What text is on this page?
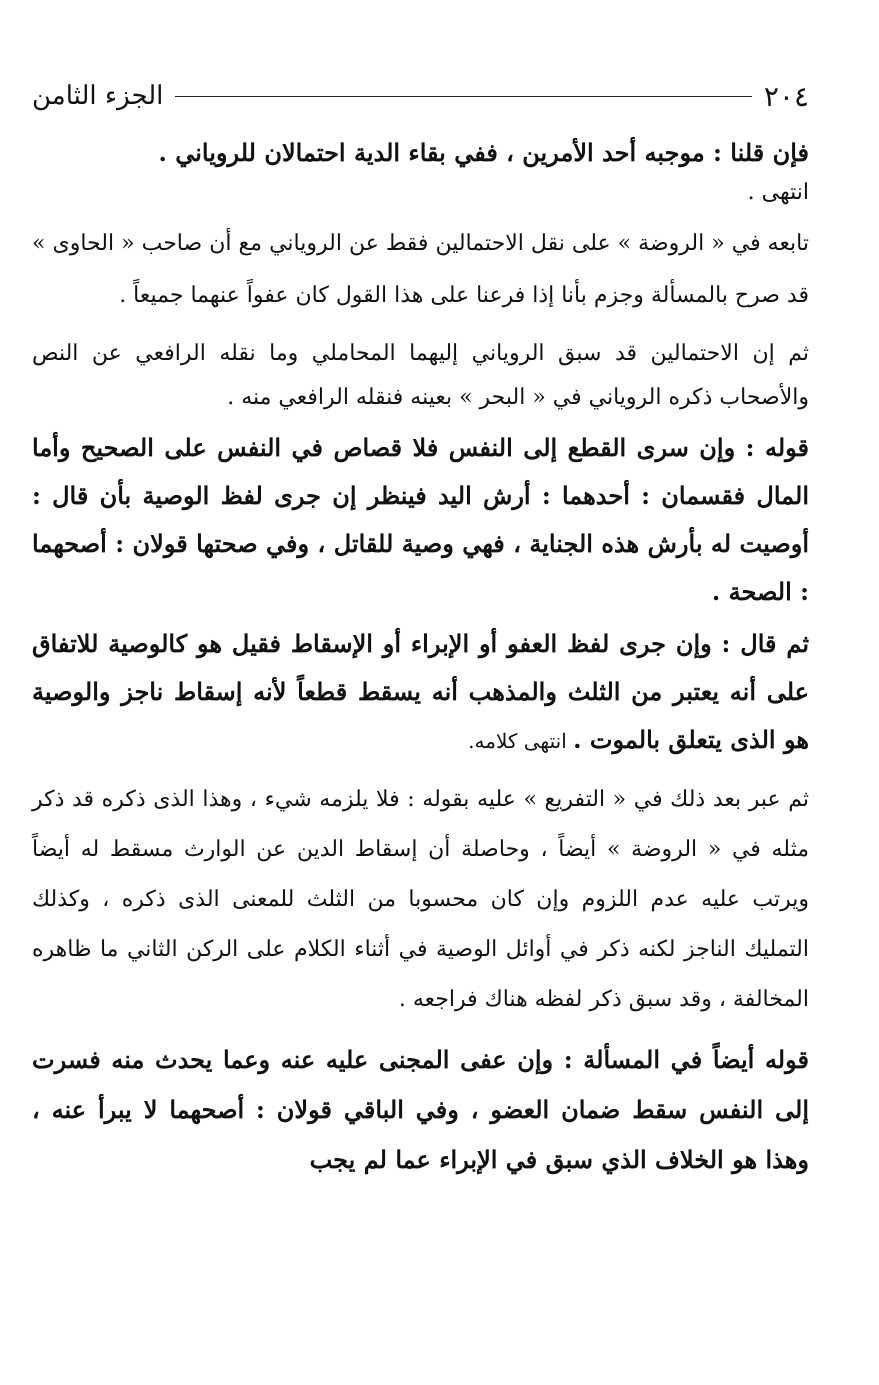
٢٠٤
الجزء الثامن

فإن قلنا : موجبه أحد الأمرين ، ففي بقاء الدية احتمالان للروياني .

انتهى .

تابعه في « الروضة » على نقل الاحتمالين فقط عن الروياني مع أن صاحب « الحاوى » قد صرح بالمسألة وجزم بأنا إذا فرعنا على هذا القول كان عفواً عنهما جميعاً .

ثم إن الاحتمالين قد سبق الروياني إليهما المحاملي وما نقله الرافعي عن النص والأصحاب ذكره الروياني في « البحر » بعينه فنقله الرافعي منه .

قوله : وإن سرى القطع إلى النفس فلا قصاص في النفس على الصحيح وأما المال فقسمان : أحدهما : أرش اليد فينظر إن جرى لفظ الوصية بأن قال : أوصيت له بأرش هذه الجناية ، فهي وصية للقاتل ، وفي صحتها قولان : أصحهما : الصحة .

ثم قال : وإن جرى لفظ العفو أو الإبراء أو الإسقاط فقيل هو كالوصية للاتفاق على أنه يعتبر من الثلث والمذهب أنه يسقط قطعاً لأنه إسقاط ناجز والوصية هو الذى يتعلق بالموت . انتهى كلامه.

ثم عبر بعد ذلك في « التفريع » عليه بقوله : فلا يلزمه شيء ، وهذا الذى ذكره قد ذكر مثله في « الروضة » أيضاً ، وحاصلة أن إسقاط الدين عن الوارث مسقط له أيضاً ويرتب عليه عدم اللزوم وإن كان محسوبا من الثلث للمعنى الذى ذكره ، وكذلك التمليك الناجز لكنه ذكر في أوائل الوصية في أثناء الكلام على الركن الثاني ما ظاهره المخالفة ، وقد سبق ذكر لفظه هناك فراجعه .

قوله أيضاً في المسألة : وإن عفى المجنى عليه عنه وعما يحدث منه فسرت إلى النفس سقط ضمان العضو ، وفي الباقي قولان : أصحهما لا يبرأ عنه ، وهذا هو الخلاف الذي سبق في الإبراء عما لم يجب
